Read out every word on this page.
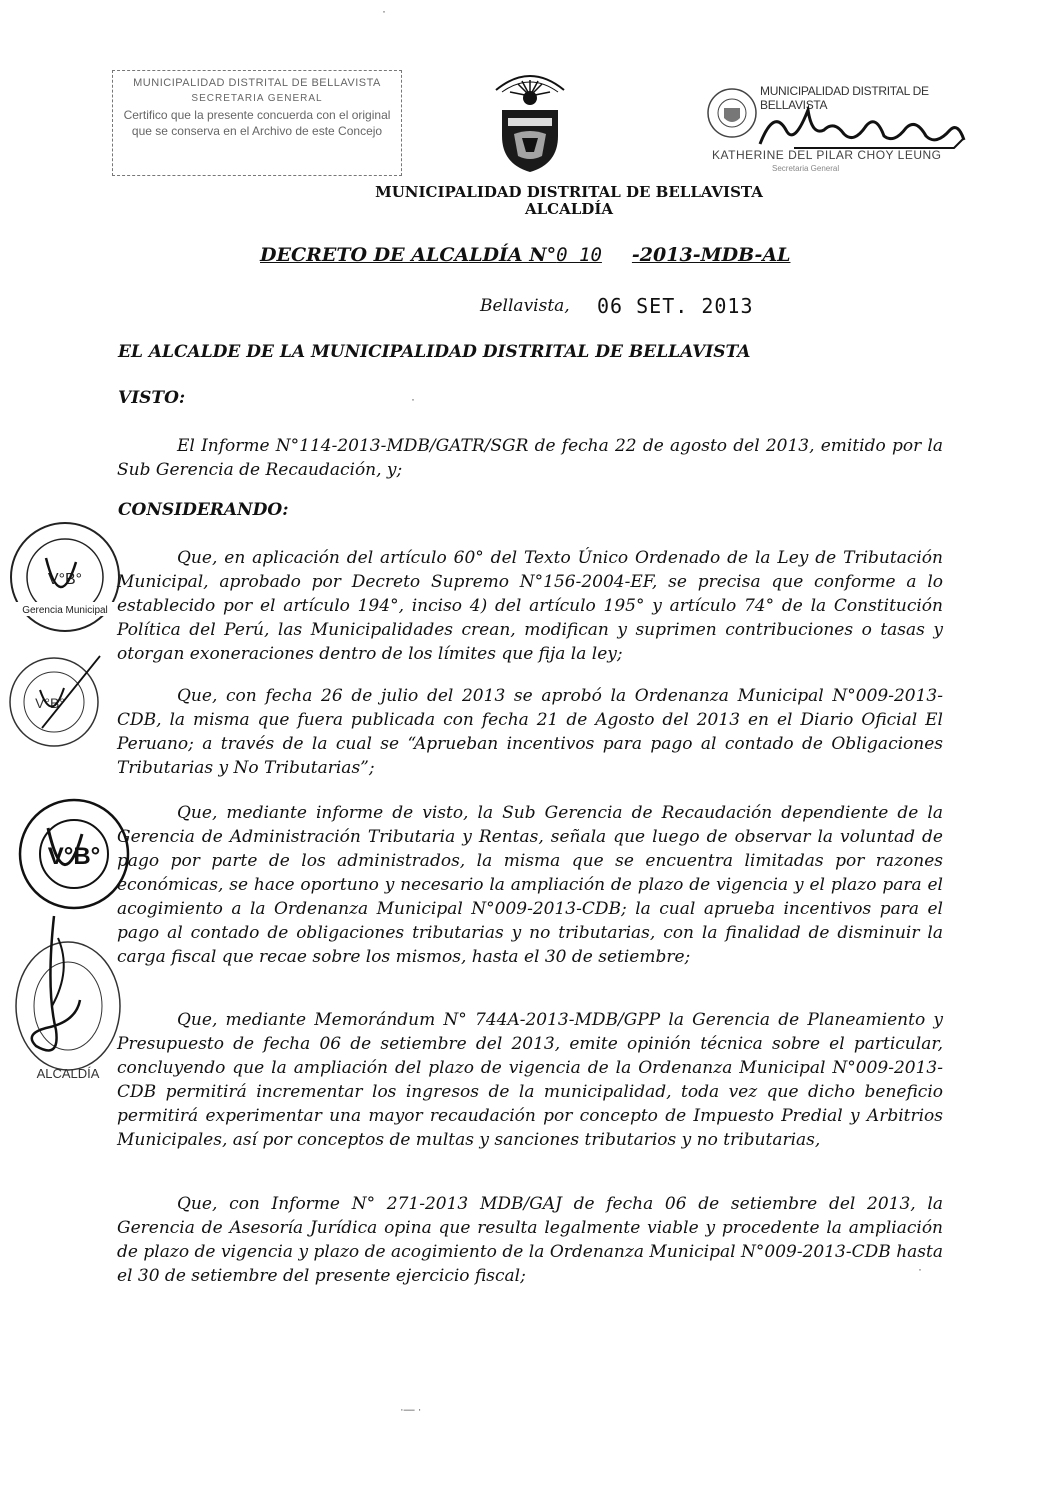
MUNICIPALIDAD DISTRITAL DE BELLAVISTA
SECRETARIA GENERAL
Certifico que la presente concuerda con el original que se conserva en el Archivo de este Concejo
MUNICIPALIDAD DISTRITAL DE BELLAVISTA
KATHERINE DEL PILAR CHOY LEUNG
Secretaria General
MUNICIPALIDAD DISTRITAL DE BELLAVISTA
ALCALDÍA
DECRETO DE ALCALDÍA N°0 10 -2013-MDB-AL
Bellavista, 06 SET. 2013
EL ALCALDE DE LA MUNICIPALIDAD DISTRITAL DE BELLAVISTA
VISTO:
El Informe N°114-2013-MDB/GATR/SGR de fecha 22 de agosto del 2013, emitido por la Sub Gerencia de Recaudación, y;
CONSIDERANDO:
Que, en aplicación del artículo 60° del Texto Único Ordenado de la Ley de Tributación Municipal, aprobado por Decreto Supremo N°156-2004-EF, se precisa que conforme a lo establecido por el artículo 194°, inciso 4) del artículo 195° y artículo 74° de la Constitución Política del Perú, las Municipalidades crean, modifican y suprimen contribuciones o tasas y otorgan exoneraciones dentro de los límites que fija la ley;
Que, con fecha 26 de julio del 2013 se aprobó la Ordenanza Municipal N°009-2013-CDB, la misma que fuera publicada con fecha 21 de Agosto del 2013 en el Diario Oficial El Peruano; a través de la cual se “Aprueban incentivos para pago al contado de Obligaciones Tributarias y No Tributarias”;
Que, mediante informe de visto, la Sub Gerencia de Recaudación dependiente de la Gerencia de Administración Tributaria y Rentas, señala que luego de observar la voluntad de pago por parte de los administrados, la misma que se encuentra limitadas por razones económicas, se hace oportuno y necesario la ampliación de plazo de vigencia y el plazo para el acogimiento a la Ordenanza Municipal N°009-2013-CDB; la cual aprueba incentivos para el pago al contado de obligaciones tributarias y no tributarias, con la finalidad de disminuir la carga fiscal que recae sobre los mismos, hasta el 30 de setiembre;
Que, mediante Memorándum N° 744A-2013-MDB/GPP la Gerencia de Planeamiento y Presupuesto de fecha 06 de setiembre del 2013, emite opinión técnica sobre el particular, concluyendo que la ampliación del plazo de vigencia de la Ordenanza Municipal N°009-2013-CDB permitirá incrementar los ingresos de la municipalidad, toda vez que dicho beneficio permitirá experimentar una mayor recaudación por concepto de Impuesto Predial y Arbitrios Municipales, así por conceptos de multas y sanciones tributarios y no tributarias,
Que, con Informe N° 271-2013 MDB/GAJ de fecha 06 de setiembre del 2013, la Gerencia de Asesoría Jurídica opina que resulta legalmente viable y procedente la ampliación de plazo de vigencia y plazo de acogimiento de la Ordenanza Municipal N°009-2013-CDB hasta el 30 de setiembre del presente ejercicio fiscal;
V°B°
Gerencia Municipal
V°B°
V°B°
ALCALDÍA
·
·
·
·— ·
